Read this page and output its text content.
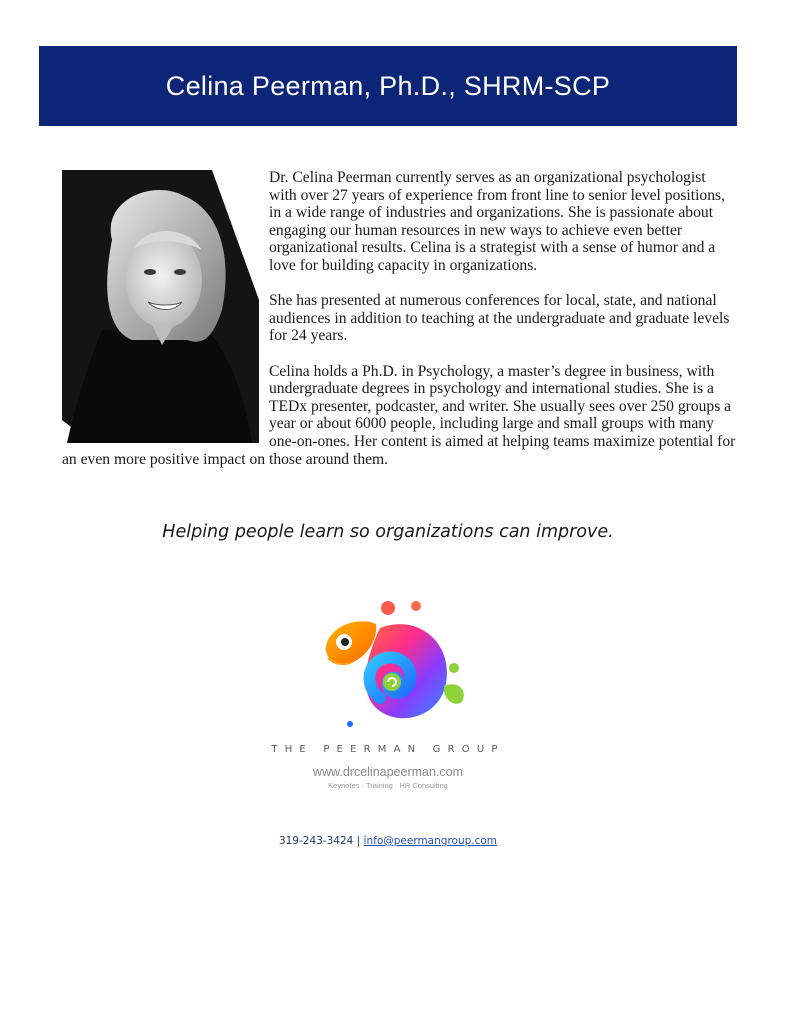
Celina Peerman, Ph.D., SHRM-SCP

Dr. Celina Peerman currently serves as an organizational psychologist with over 27 years of experience from front line to senior level positions, in a wide range of industries and organizations. She is passionate about engaging our human resources in new ways to achieve even better organizational results. Celina is a strategist with a sense of humor and a love for building capacity in organizations.

She has presented at numerous conferences for local, state, and national audiences in addition to teaching at the undergraduate and graduate levels for 24 years.

Celina holds a Ph.D. in Psychology, a master’s degree in business, with undergraduate degrees in psychology and international studies. She is a TEDx presenter, podcaster, and writer. She usually sees over 250 groups a year or about 6000 people, including large and small groups with many one-on-ones. Her content is aimed at helping teams maximize potential for an even more positive impact on those around them.

Helping people learn so organizations can improve.
THE PEERMAN GROUP
www.drcelinapeerman.com
Keynotes · Training · HR Consulting
319-243-3424 | info@peermangroup.com
